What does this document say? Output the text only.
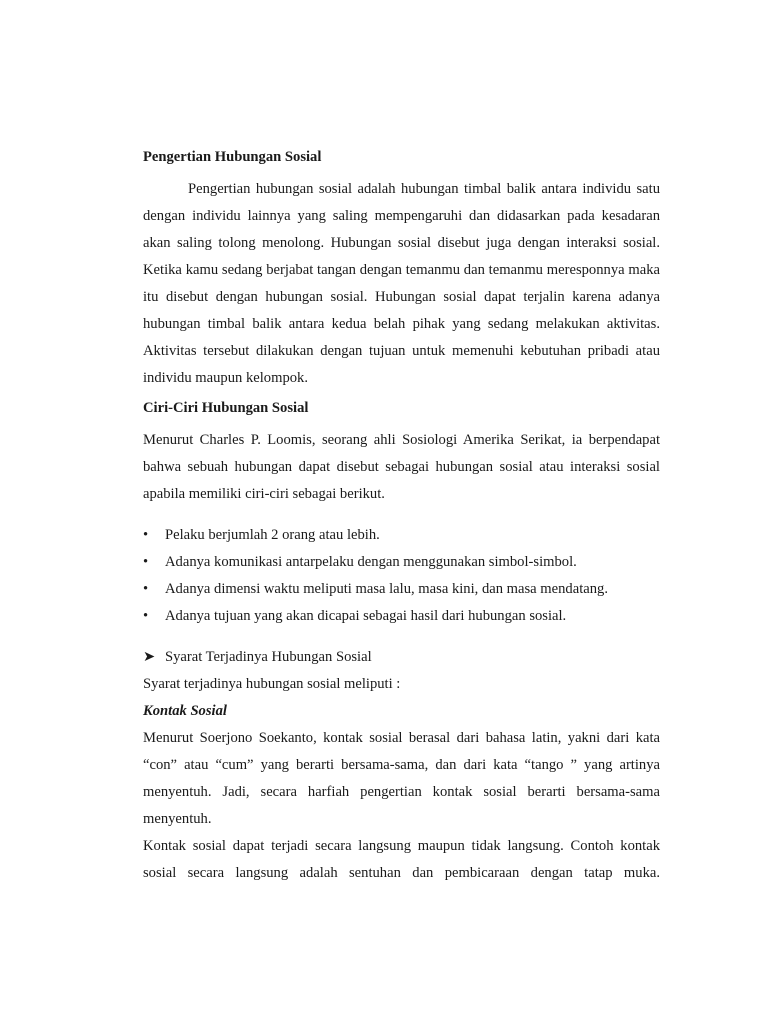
Pengertian Hubungan Sosial

Pengertian hubungan sosial adalah hubungan timbal balik antara individu satu dengan individu lainnya yang saling mempengaruhi dan didasarkan pada kesadaran akan saling tolong menolong. Hubungan sosial disebut juga dengan interaksi sosial. Ketika kamu sedang berjabat tangan dengan temanmu dan temanmu meresponnya maka itu disebut dengan hubungan sosial. Hubungan sosial dapat terjalin karena adanya hubungan timbal balik antara kedua belah pihak yang sedang melakukan aktivitas. Aktivitas tersebut dilakukan dengan tujuan untuk memenuhi kebutuhan pribadi atau individu maupun kelompok.

Ciri-Ciri Hubungan Sosial

Menurut Charles P. Loomis, seorang ahli Sosiologi Amerika Serikat, ia berpendapat bahwa sebuah hubungan dapat disebut sebagai hubungan sosial atau interaksi sosial apabila memiliki ciri-ciri sebagai berikut.

•	Pelaku berjumlah 2 orang atau lebih.
•	Adanya komunikasi antarpelaku dengan menggunakan simbol-simbol.
•	Adanya dimensi waktu meliputi masa lalu, masa kini, dan masa mendatang.
•	Adanya tujuan yang akan dicapai sebagai hasil dari hubungan sosial.
➤ Syarat Terjadinya Hubungan Sosial
Syarat terjadinya hubungan sosial meliputi :
Kontak Sosial

Menurut Soerjono Soekanto, kontak sosial berasal dari bahasa latin, yakni dari kata “con” atau “cum” yang berarti bersama-sama, dan dari kata “tango ” yang artinya menyentuh. Jadi, secara harfiah pengertian kontak sosial berarti bersama-sama menyentuh.

Kontak sosial dapat terjadi secara langsung maupun tidak langsung. Contoh kontak sosial secara langsung adalah sentuhan dan pembicaraan dengan tatap muka.
